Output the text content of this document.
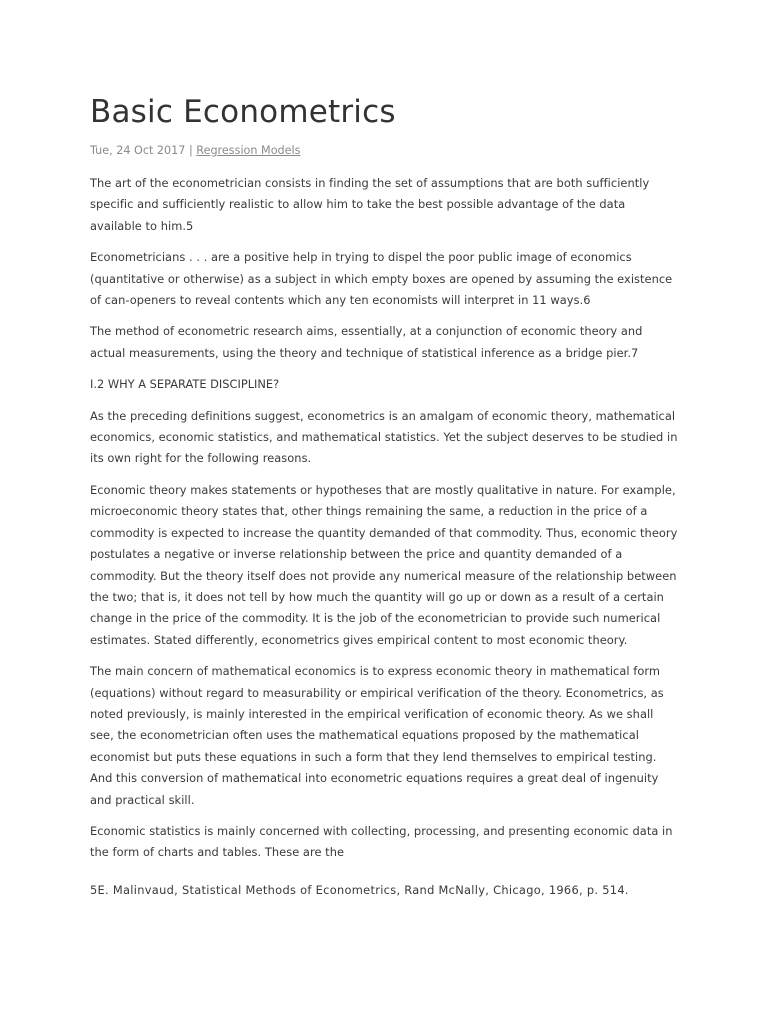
Basic Econometrics
Tue, 24 Oct 2017 | Regression Models

The art of the econometrician consists in finding the set of assumptions that are both sufficiently specific and sufficiently realistic to allow him to take the best possible advantage of the data available to him.5

Econometricians . . . are a positive help in trying to dispel the poor public image of economics (quantitative or otherwise) as a subject in which empty boxes are opened by assuming the existence of can-openers to reveal contents which any ten economists will interpret in 11 ways.6

The method of econometric research aims, essentially, at a conjunction of economic theory and actual measurements, using the theory and technique of statistical inference as a bridge pier.7

I.2 WHY A SEPARATE DISCIPLINE?

As the preceding definitions suggest, econometrics is an amalgam of economic theory, mathematical economics, economic statistics, and mathematical statistics. Yet the subject deserves to be studied in its own right for the following reasons.

Economic theory makes statements or hypotheses that are mostly qualitative in nature. For example, microeconomic theory states that, other things remaining the same, a reduction in the price of a commodity is expected to increase the quantity demanded of that commodity. Thus, economic theory postulates a negative or inverse relationship between the price and quantity demanded of a commodity. But the theory itself does not provide any numerical measure of the relationship between the two; that is, it does not tell by how much the quantity will go up or down as a result of a certain change in the price of the commodity. It is the job of the econometrician to provide such numerical estimates. Stated differently, econometrics gives empirical content to most economic theory.

The main concern of mathematical economics is to express economic theory in mathematical form (equations) without regard to measurability or empirical verification of the theory. Econometrics, as noted previously, is mainly interested in the empirical verification of economic theory. As we shall see, the econometrician often uses the mathematical equations proposed by the mathematical economist but puts these equations in such a form that they lend themselves to empirical testing. And this conversion of mathematical into econometric equations requires a great deal of ingenuity and practical skill.

Economic statistics is mainly concerned with collecting, processing, and presenting economic data in the form of charts and tables. These are the

5E. Malinvaud, Statistical Methods of Econometrics, Rand McNally, Chicago, 1966, p. 514.
